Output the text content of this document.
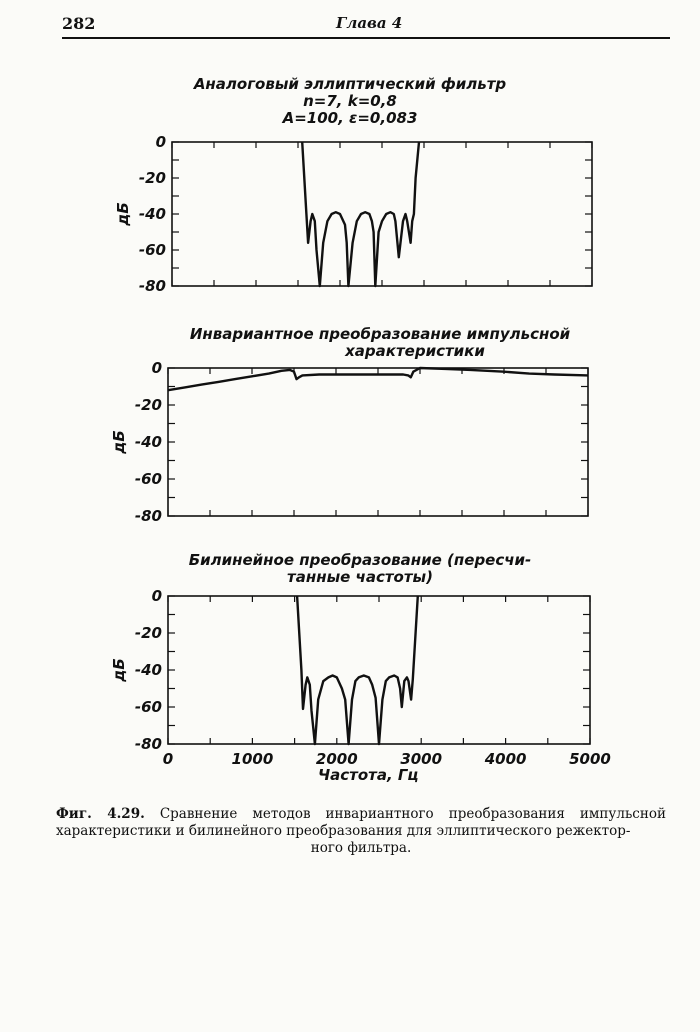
282	Глава 4
Аналоговый эллиптический фильтр
n=7, k=0,8
A=100, ε=0,083
Инвариантное преобразование импульсной
характеристики
Билинейное преобразование (пересчи-
танные частоты)
0
-20
-40
-60
-80
дБ
0
-20
-40
-60
-80
дБ
0
-20
-40
-60
-80
0	1000	2000	3000	4000	5000
дБ
Частота, Гц
Фиг. 4.29. Сравнение методов инвариантного преобразования импульсной характеристики и билинейного преобразования для эллиптического режектор-
ного фильтра.
